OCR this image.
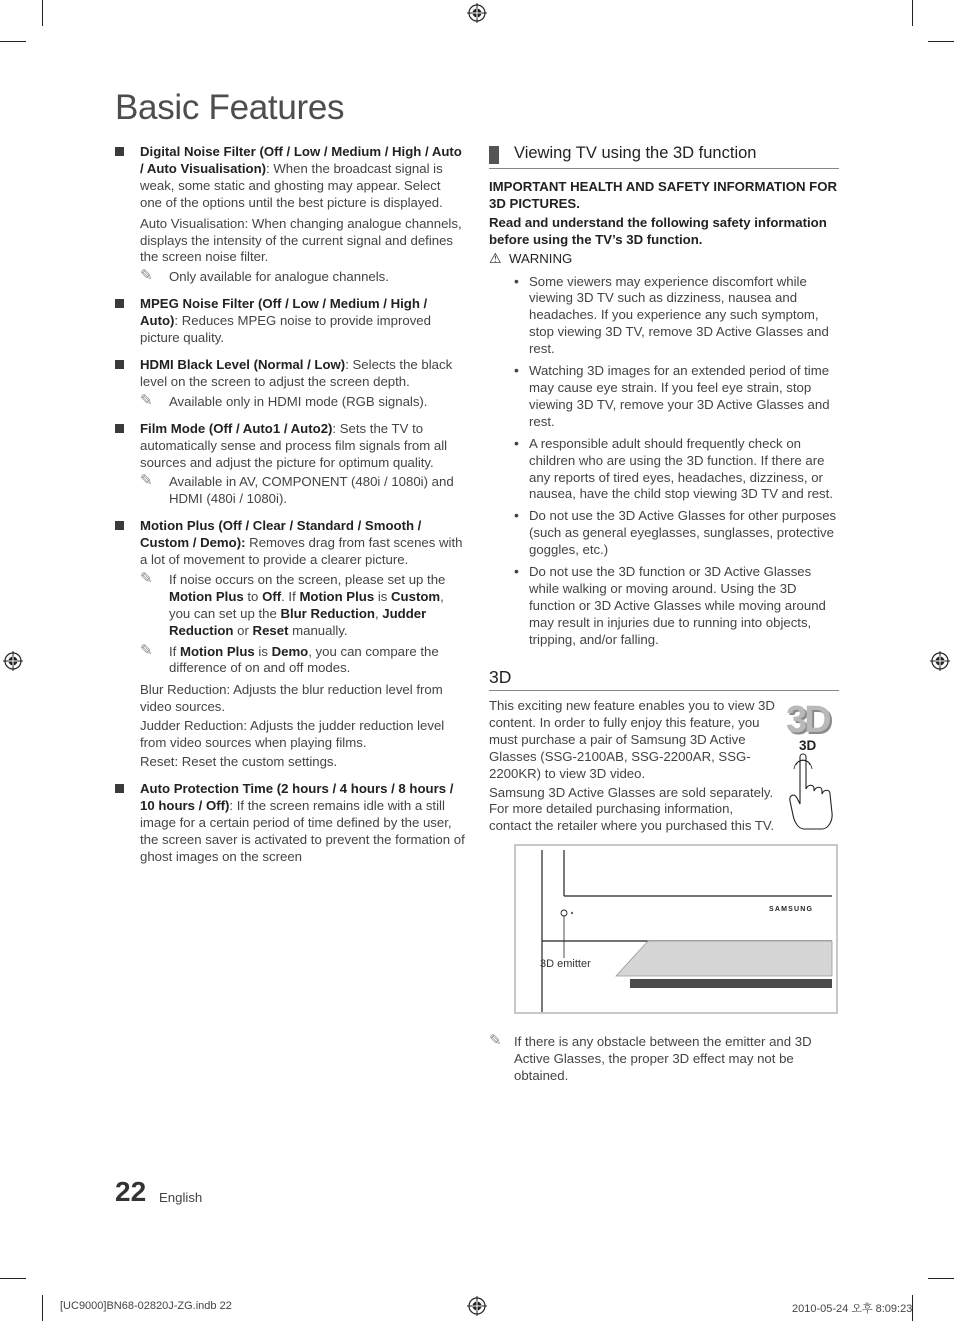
Basic Features
Digital Noise Filter (Off / Low / Medium / High / Auto / Auto Visualisation): When the broadcast signal is weak, some static and ghosting may appear. Select one of the options until the best picture is displayed.
Auto Visualisation: When changing analogue channels, displays the intensity of the current signal and defines the screen noise filter.
✎ Only available for analogue channels.
MPEG Noise Filter (Off / Low / Medium / High / Auto): Reduces MPEG noise to provide improved picture quality.
HDMI Black Level (Normal / Low): Selects the black level on the screen to adjust the screen depth.
✎ Available only in HDMI mode (RGB signals).
Film Mode (Off / Auto1 / Auto2): Sets the TV to automatically sense and process film signals from all sources and adjust the picture for optimum quality.
✎ Available in AV, COMPONENT (480i / 1080i) and HDMI (480i / 1080i).
Motion Plus (Off / Clear / Standard / Smooth / Custom / Demo): Removes drag from fast scenes with a lot of movement to provide a clearer picture.
✎ If noise occurs on the screen, please set up the Motion Plus to Off. If Motion Plus is Custom, you can set up the Blur Reduction, Judder Reduction or Reset manually.
✎ If Motion Plus is Demo, you can compare the difference of on and off modes.
Blur Reduction: Adjusts the blur reduction level from video sources.
Judder Reduction: Adjusts the judder reduction level from video sources when playing films.
Reset: Reset the custom settings.
Auto Protection Time (2 hours / 4 hours / 8 hours / 10 hours / Off): If the screen remains idle with a still image for a certain period of time defined by the user, the screen saver is activated to prevent the formation of ghost images on the screen
Viewing TV using the 3D function
IMPORTANT HEALTH AND SAFETY INFORMATION FOR 3D PICTURES.
Read and understand the following safety information before using the TV’s 3D function.
⚠ WARNING
• Some viewers may experience discomfort while viewing 3D TV such as dizziness, nausea and headaches. If you experience any such symptom, stop viewing 3D TV, remove 3D Active Glasses and rest.
• Watching 3D images for an extended period of time may cause eye strain. If you feel eye strain, stop viewing 3D TV, remove your 3D Active Glasses and rest.
• A responsible adult should frequently check on children who are using the 3D function. If there are any reports of tired eyes, headaches, dizziness, or nausea, have the child stop viewing 3D TV and rest.
• Do not use the 3D Active Glasses for other purposes (such as general eyeglasses, sunglasses, protective goggles, etc.)
• Do not use the 3D function or 3D Active Glasses while walking or moving around. Using the 3D function or 3D Active Glasses while moving around may result in injuries due to running into objects, tripping, and/or falling.
3D
This exciting new feature enables you to view 3D content. In order to fully enjoy this feature, you must purchase a pair of Samsung 3D Active Glasses (SSG-2100AB, SSG-2200AR, SSG-2200KR) to view 3D video.
Samsung 3D Active Glasses are sold separately. For more detailed purchasing information, contact the retailer where you purchased this TV.
3D
3D
SAMSUNG
3D emitter
✎ If there is any obstacle between the emitter and 3D Active Glasses, the proper 3D effect may not be obtained.
22 English
[UC9000]BN68-02820J-ZG.indb 22	2010-05-24 오후 8:09:23
